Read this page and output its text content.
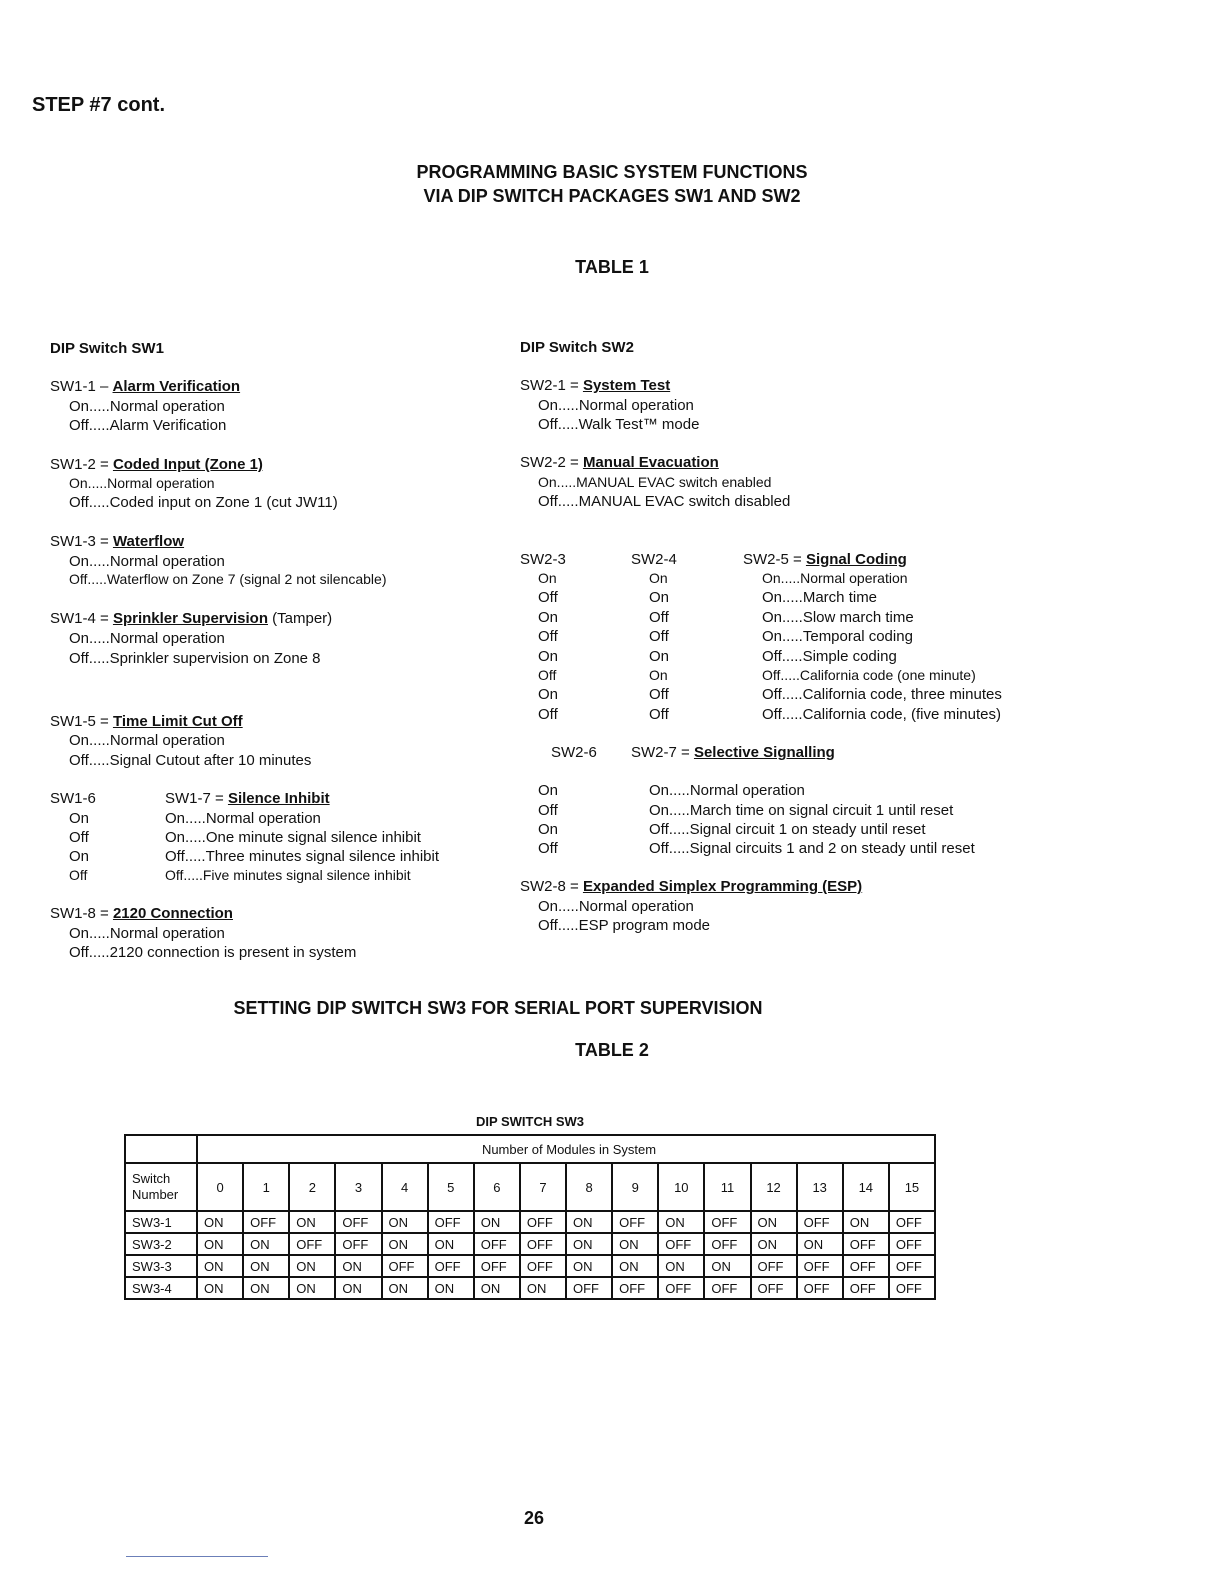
STEP #7 cont.
PROGRAMMING BASIC SYSTEM FUNCTIONS
VIA DIP SWITCH PACKAGES SW1 AND SW2
TABLE 1
DIP Switch SW1
SW1-1 – Alarm Verification
On.....Normal operation
Off.....Alarm Verification
SW1-2 = Coded Input (Zone 1)
On.....Normal operation
Off.....Coded input on Zone 1 (cut JW11)
SW1-3 = Waterflow
On.....Normal operation
Off.....Waterflow on Zone 7 (signal 2 not silencable)
SW1-4 = Sprinkler Supervision (Tamper)
On.....Normal operation
Off.....Sprinkler supervision on Zone 8
SW1-5 = Time Limit Cut Off
On.....Normal operation
Off.....Signal Cutout after 10 minutes
SW1-6	SW1-7 = Silence Inhibit
On	On.....Normal operation
Off	On.....One minute signal silence inhibit
On	Off.....Three minutes signal silence inhibit
Off	Off.....Five minutes signal silence inhibit
SW1-8 = 2120 Connection
On.....Normal operation
Off.....2120 connection is present in system
DIP Switch SW2
SW2-1 = System Test
On.....Normal operation
Off.....Walk Test™ mode
SW2-2 = Manual Evacuation
On.....MANUAL EVAC switch enabled
Off.....MANUAL EVAC switch disabled
SW2-3	SW2-4	SW2-5 = Signal Coding
On	On	On.....Normal operation
Off	On	On.....March time
On	Off	On.....Slow march time
Off	Off	On.....Temporal coding
On	On	Off.....Simple coding
Off	On	Off.....California code (one minute)
On	Off	Off.....California code, three minutes
Off	Off	Off.....California code, (five minutes)
SW2-6 SW2-7 = Selective Signalling
On	On.....Normal operation
Off	On.....March time on signal circuit 1 until reset
On	Off.....Signal circuit 1 on steady until reset
Off	Off.....Signal circuits 1 and 2 on steady until reset
SW2-8 = Expanded Simplex Programming (ESP)
On.....Normal operation
Off.....ESP program mode
SETTING DIP SWITCH SW3 FOR SERIAL PORT SUPERVISION
TABLE 2
DIP SWITCH SW3
	Number of Modules in System															
Switch
Number	0	1	2	3	4	5	6	7	8	9	10	11	12	13	14	15
SW3-1	ON	OFF	ON	OFF	ON	OFF	ON	OFF	ON	OFF	ON	OFF	ON	OFF	ON	OFF
SW3-2	ON	ON	OFF	OFF	ON	ON	OFF	OFF	ON	ON	OFF	OFF	ON	ON	OFF	OFF
SW3-3	ON	ON	ON	ON	OFF	OFF	OFF	OFF	ON	ON	ON	ON	OFF	OFF	OFF	OFF
SW3-4	ON	ON	ON	ON	ON	ON	ON	ON	OFF	OFF	OFF	OFF	OFF	OFF	OFF	OFF
26
